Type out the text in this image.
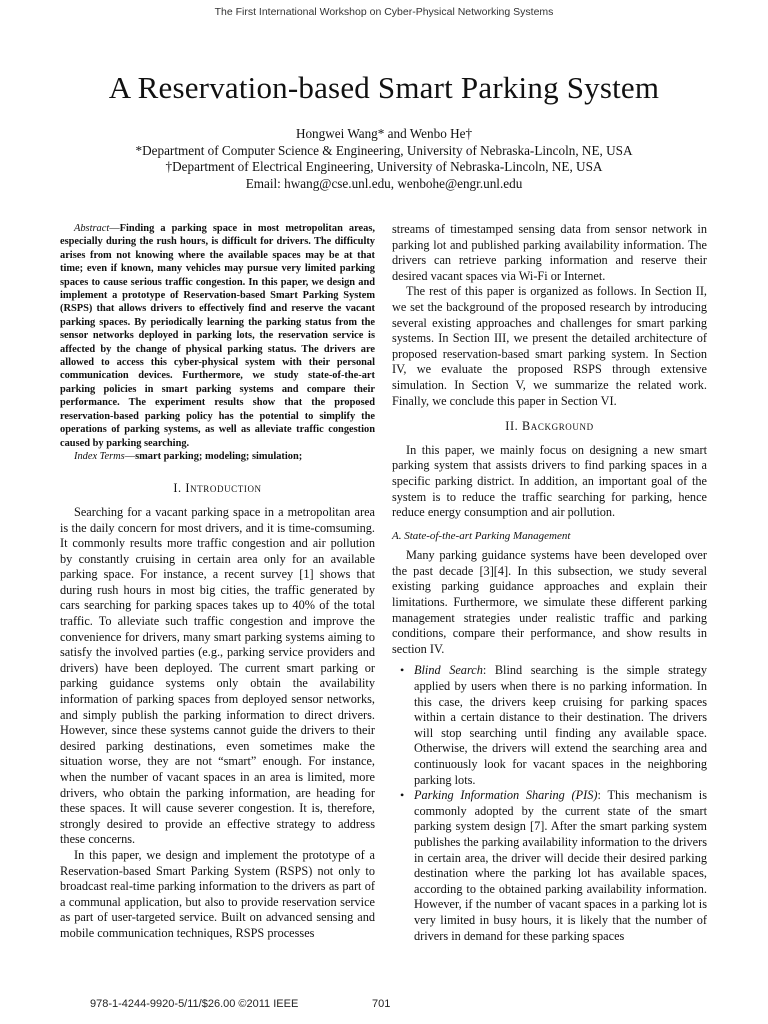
The First International Workshop on Cyber-Physical Networking Systems
A Reservation-based Smart Parking System
Hongwei Wang* and Wenbo He†
*Department of Computer Science & Engineering, University of Nebraska-Lincoln, NE, USA
†Department of Electrical Engineering, University of Nebraska-Lincoln, NE, USA
Email: hwang@cse.unl.edu, wenbohe@engr.unl.edu

Abstract—Finding a parking space in most metropolitan areas, especially during the rush hours, is difficult for drivers. The difficulty arises from not knowing where the available spaces may be at that time; even if known, many vehicles may pursue very limited parking spaces to cause serious traffic congestion. In this paper, we design and implement a prototype of Reservation-based Smart Parking System (RSPS) that allows drivers to effectively find and reserve the vacant parking spaces. By periodically learning the parking status from the sensor networks deployed in parking lots, the reservation service is affected by the change of physical parking status. The drivers are allowed to access this cyber-physical system with their personal communication devices. Furthermore, we study state-of-the-art parking policies in smart parking systems and compare their performance. The experiment results show that the proposed reservation-based parking policy has the potential to simplify the operations of parking systems, as well as alleviate traffic congestion caused by parking searching.

Index Terms—smart parking; modeling; simulation;

I. Introduction

Searching for a vacant parking space in a metropolitan area is the daily concern for most drivers, and it is time-comsuming. It commonly results more traffic congestion and air pollution by constantly cruising in certain area only for an available parking space. For instance, a recent survey [1] shows that during rush hours in most big cities, the traffic generated by cars searching for parking spaces takes up to 40% of the total traffic. To alleviate such traffic congestion and improve the convenience for drivers, many smart parking systems aiming to satisfy the involved parties (e.g., parking service providers and drivers) have been deployed. The current smart parking or parking guidance systems only obtain the availability information of parking spaces from deployed sensor networks, and simply publish the parking information to direct drivers. However, since these systems cannot guide the drivers to their desired parking destinations, even sometimes make the situation worse, they are not “smart” enough. For instance, when the number of vacant spaces in an area is limited, more drivers, who obtain the parking information, are heading for these spaces. It will cause severer congestion. It is, therefore, strongly desired to provide an effective strategy to address these concerns.

In this paper, we design and implement the prototype of a Reservation-based Smart Parking System (RSPS) not only to broadcast real-time parking information to the drivers as part of a communal application, but also to provide reservation service as part of user-targeted service. Built on advanced sensing and mobile communication techniques, RSPS processes

streams of timestamped sensing data from sensor network in parking lot and published parking availability information. The drivers can retrieve parking information and reserve their desired vacant spaces via Wi-Fi or Internet.

The rest of this paper is organized as follows. In Section II, we set the background of the proposed research by introducing several existing approaches and challenges for smart parking systems. In Section III, we present the detailed architecture of proposed reservation-based smart parking system. In Section IV, we evaluate the proposed RSPS through extensive simulation. In Section V, we summarize the related work. Finally, we conclude this paper in Section VI.

II. Background

In this paper, we mainly focus on designing a new smart parking system that assists drivers to find parking spaces in a specific parking district. In addition, an important goal of the system is to reduce the traffic searching for parking, hence reduce energy consumption and air pollution.

A. State-of-the-art Parking Management

Many parking guidance systems have been developed over the past decade [3][4]. In this subsection, we study several existing parking guidance approaches and explain their limitations. Furthermore, we simulate these different parking management strategies under realistic traffic and parking conditions, compare their performance, and show results in section IV.

• Blind Search: Blind searching is the simple strategy applied by users when there is no parking information. In this case, the drivers keep cruising for parking spaces within a certain distance to their destination. The drivers will stop searching until finding any available space. Otherwise, the drivers will extend the searching area and continuously look for vacant spaces in the neighboring parking lots.
• Parking Information Sharing (PIS): This mechanism is commonly adopted by the current state of the smart parking system design [7]. After the smart parking system publishes the parking availability information to the drivers in certain area, the driver will decide their desired parking destination where the parking lot has available spaces, according to the obtained parking availability information. However, if the number of vacant spaces in a parking lot is very limited in busy hours, it is likely that the number of drivers in demand for these parking spaces
978-1-4244-9920-5/11/$26.00 ©2011 IEEE	701
